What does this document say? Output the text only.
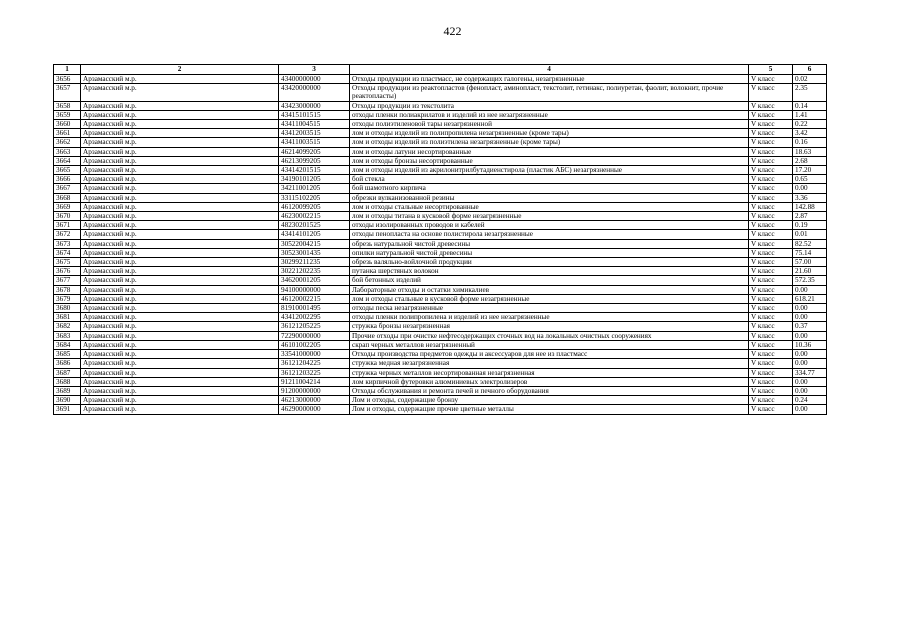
422
1	2	3	4	5	6
3656	Арзамасский м.р.	43400000000	Отходы продукции из пластмасс, не содержащих галогены, незагрязненные	V класс	0.02
3657	Арзамасский м.р.	43420000000	Отходы продукции из реактопластов (фенопласт, аминопласт, текстолит, гетинакс, полиуретан, фаолит, волокнит, прочие реактопласты)	V класс	2.35
3658	Арзамасский м.р.	43423000000	Отходы продукции из текстолита	V класс	0.14
3659	Арзамасский м.р.	43415101515	отходы пленки полиакрилатов и изделий из нее незагрязненные	V класс	1.41
3660	Арзамасский м.р.	43411004515	отходы полиэтиленовой тары незагрязненной	V класс	0.22
3661	Арзамасский м.р.	43412003515	лом и отходы изделий из полипропилена незагрязненные (кроме тары)	V класс	3.42
3662	Арзамасский м.р.	43411003515	лом и отходы изделий из полиэтилена незагрязненные (кроме тары)	V класс	0.16
3663	Арзамасский м.р.	46214099205	лом и отходы латуни несортированные	V класс	18.63
3664	Арзамасский м.р.	46213099205	лом и отходы бронзы несортированные	V класс	2.68
3665	Арзамасский м.р.	43414201515	лом и отходы изделий из акрилонитрилбутадиенстирола (пластик АБС) незагрязненные	V класс	17.20
3666	Арзамасский м.р.	34190101205	бой стекла	V класс	0.65
3667	Арзамасский м.р.	34211001205	бой шамотного кирпича	V класс	0.00
3668	Арзамасский м.р.	33115102205	обрезки вулканизованной резины	V класс	3.36
3669	Арзамасский м.р.	46120099205	лом и отходы стальные несортированные	V класс	142.88
3670	Арзамасский м.р.	46230002215	лом и отходы титана в кусковой форме незагрязненные	V класс	2.87
3671	Арзамасский м.р.	48230201525	отходы изолированных проводов и кабелей	V класс	0.19
3672	Арзамасский м.р.	43414101205	отходы пенопласта на основе полистирола незагрязненные	V класс	0.01
3673	Арзамасский м.р.	30522004215	обрезь натуральной чистой древесины	V класс	82.52
3674	Арзамасский м.р.	30523001435	опилки натуральной чистой древесины	V класс	75.14
3675	Арзамасский м.р.	30299211235	обрезь валяльно-войлочной продукции	V класс	57.00
3676	Арзамасский м.р.	30221202235	путанка шерстяных волокон	V класс	21.60
3677	Арзамасский м.р.	34620001205	бой бетонных изделий	V класс	572.35
3678	Арзамасский м.р.	94100000000	Лабораторные отходы и остатки химикалиев	V класс	0.00
3679	Арзамасский м.р.	46120002215	лом и отходы стальные в кусковой форме незагрязненные	V класс	618.21
3680	Арзамасский м.р.	81910001495	отходы песка незагрязненные	V класс	0.00
3681	Арзамасский м.р.	43412002295	отходы пленки полипропилена и изделий из нее незагрязненные	V класс	0.00
3682	Арзамасский м.р.	36121205225	стружка бронзы незагрязненная	V класс	0.37
3683	Арзамасский м.р.	72290000000	Прочие отходы при очистке нефтесодержащих сточных вод на локальных очистных сооружениях	V класс	0.00
3684	Арзамасский м.р.	46101002205	скрап черных металлов незагрязненный	V класс	10.36
3685	Арзамасский м.р.	33541000000	Отходы производства предметов одежды и аксессуаров для нее из пластмасс	V класс	0.00
3686	Арзамасский м.р.	36121204225	стружка медная незагрязненная	V класс	0.00
3687	Арзамасский м.р.	36121203225	стружка черных металлов несортированная незагрязненная	V класс	334.77
3688	Арзамасский м.р.	91211004214	лом кирпичной футеровки алюминиевых электролизеров	V класс	0.00
3689	Арзамасский м.р.	91200000000	Отходы обслуживания и ремонта печей и печного оборудования	V класс	0.00
3690	Арзамасский м.р.	46213000000	Лом и отходы, содержащие бронзу	V класс	0.24
3691	Арзамасский м.р.	46290000000	Лом и отходы, содержащие прочие цветные металлы	V класс	0.00
